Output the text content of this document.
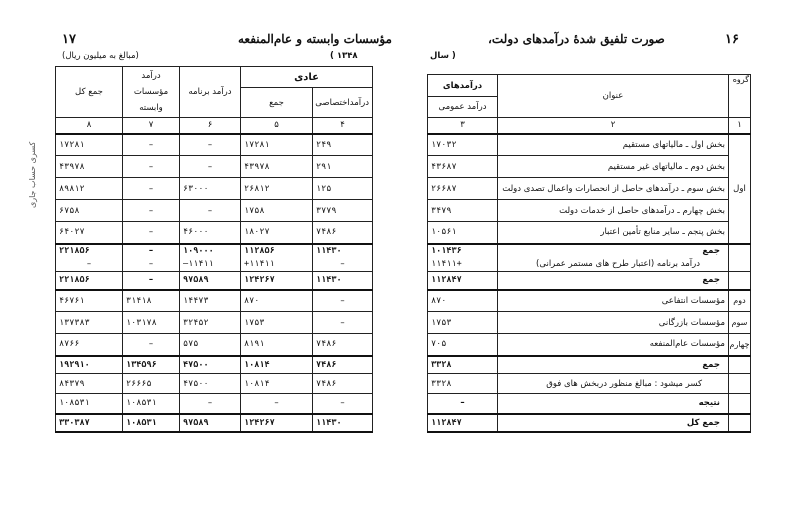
۱۷	مؤسسات وابسته و عام‌المنفعه
۱۳۴۸ )
(مبالغ به میلیون ریال)
کسری حساب جاری
جمع کل	درآمد مؤسسات وابسته	درآمد برنامه	عادی	
			جمع	درآمداختصاصی
۸	۷	۶	۵	۴
۱۷۲۸۱	–	–	۱۷۲۸۱	۲۴۹
۴۳۹۷۸	–	–	۴۳۹۷۸	۲۹۱
۸۹۸۱۲	–	۶۳۰۰۰	۲۶۸۱۲	۱۲۵
۶۷۵۸	–	–	۱۷۵۸	۳۷۷۹
۶۴۰۲۷	–	۴۶۰۰۰	۱۸۰۲۷	۷۴۸۶
۲۲۱۸۵۶	–	۱۰۹۰۰۰	۱۱۲۸۵۶	۱۱۴۳۰
–	–	–۱۱۴۱۱	+۱۱۴۱۱	–
۲۲۱۸۵۶	–	۹۷۵۸۹	۱۲۴۲۶۷	۱۱۴۳۰
۴۶۷۶۱	۳۱۴۱۸	۱۴۴۷۳	۸۷۰	–
۱۳۷۳۸۳	۱۰۳۱۷۸	۳۲۴۵۲	۱۷۵۳	–
۸۷۶۶	–	۵۷۵	۸۱۹۱	۷۴۸۶
۱۹۲۹۱۰	۱۳۴۵۹۶	۴۷۵۰۰	۱۰۸۱۴	۷۴۸۶
۸۴۳۷۹	۲۶۶۶۵	۴۷۵۰۰	۱۰۸۱۴	۷۴۸۶
۱۰۸۵۳۱	۱۰۸۵۳۱	–	–	–
۳۳۰۳۸۷	۱۰۸۵۳۱	۹۷۵۸۹	۱۲۴۲۶۷	۱۱۴۳۰
۱۶
صورت تلفیق شدهٔ درآمدهای دولت،
( سال
گروه	عنوان	درآمدهای
درآمد عمومی

۱	۲	۳
اول	بخش اول ـ مالیاتهای مستقیم	۱۷۰۳۲
	بخش دوم ـ مالیاتهای غیر مستقیم	۴۳۶۸۷
	بخش سوم ـ درآمدهای حاصل از انحصارات واعمال تصدی دولت	۲۶۶۸۷
	بخش چهارم ـ درآمدهای حاصل از خدمات دولت	۳۴۷۹
	بخش پنجم ـ سایر منابع تأمین اعتبار	۱۰۵۶۱
	جمع	۱۰۱۴۳۶
	درآمد برنامه (اعتبار طرح های مستمر عمرانی)	+۱۱۴۱۱
	جمع	۱۱۲۸۴۷
دوم	مؤسسات انتفاعی	۸۷۰
سوم	مؤسسات بازرگانی	۱۷۵۳
چهارم	مؤسسات عام‌المنفعه	۷۰۵
	جمع	۳۳۲۸
	کسر میشود : مبالغ منظور دربخش های فوق	۳۳۲۸
	نتیجه	–
	جمع کل	۱۱۲۸۴۷
